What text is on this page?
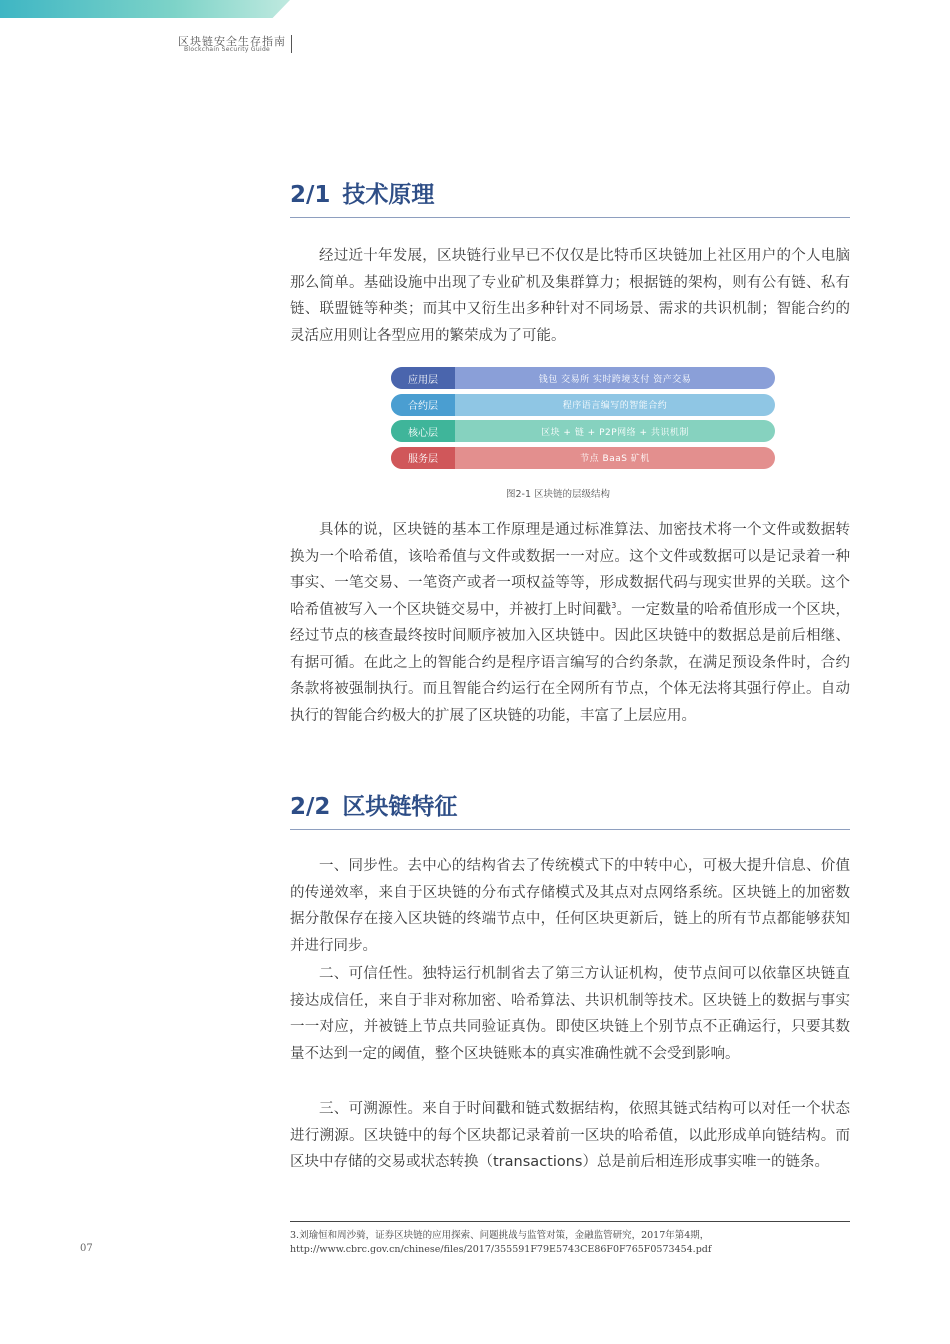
区块链安全生存指南
Blockchain Security Guide
2/1 技术原理

经过近十年发展，区块链行业早已不仅仅是比特币区块链加上社区用户的个人电脑那么简单。基础设施中出现了专业矿机及集群算力；根据链的架构，则有公有链、私有链、联盟链等种类；而其中又衍生出多种针对不同场景、需求的共识机制；智能合约的灵活应用则让各型应用的繁荣成为了可能。

应用层	钱包 交易所 实时跨境支付 资产交易
合约层	程序语言编写的智能合约
核心层	区块 + 链 + P2P网络 + 共识机制
服务层	节点 BaaS 矿机
图2-1 区块链的层级结构

具体的说，区块链的基本工作原理是通过标准算法、加密技术将一个文件或数据转换为一个哈希值，该哈希值与文件或数据一一对应。这个文件或数据可以是记录着一种事实、一笔交易、一笔资产或者一项权益等等，形成数据代码与现实世界的关联。这个哈希值被写入一个区块链交易中，并被打上时间戳$^3$。一定数量的哈希值形成一个区块，经过节点的核查最终按时间顺序被加入区块链中。因此区块链中的数据总是前后相继、有据可循。在此之上的智能合约是程序语言编写的合约条款，在满足预设条件时，合约条款将被强制执行。而且智能合约运行在全网所有节点，个体无法将其强行停止。自动执行的智能合约极大的扩展了区块链的功能，丰富了上层应用。

2/2 区块链特征

一、同步性。去中心的结构省去了传统模式下的中转中心，可极大提升信息、价值的传递效率，来自于区块链的分布式存储模式及其点对点网络系统。区块链上的加密数据分散保存在接入区块链的终端节点中，任何区块更新后，链上的所有节点都能够获知并进行同步。

二、可信任性。独特运行机制省去了第三方认证机构，使节点间可以依靠区块链直接达成信任，来自于非对称加密、哈希算法、共识机制等技术。区块链上的数据与事实一一对应，并被链上节点共同验证真伪。即使区块链上个别节点不正确运行，只要其数量不达到一定的阈值，整个区块链账本的真实准确性就不会受到影响。

三、可溯源性。来自于时间戳和链式数据结构，依照其链式结构可以对任一个状态进行溯源。区块链中的每个区块都记录着前一区块的哈希值，以此形成单向链结构。而区块中存储的交易或状态转换（transactions）总是前后相连形成事实唯一的链条。

3.刘瑜恒和周沙骑，证券区块链的应用探索、问题挑战与监管对策，金融监管研究，2017年第4期，
http://www.cbrc.gov.cn/chinese/files/2017/355591F79E5743CE86F0F765F0573454.pdf
07
